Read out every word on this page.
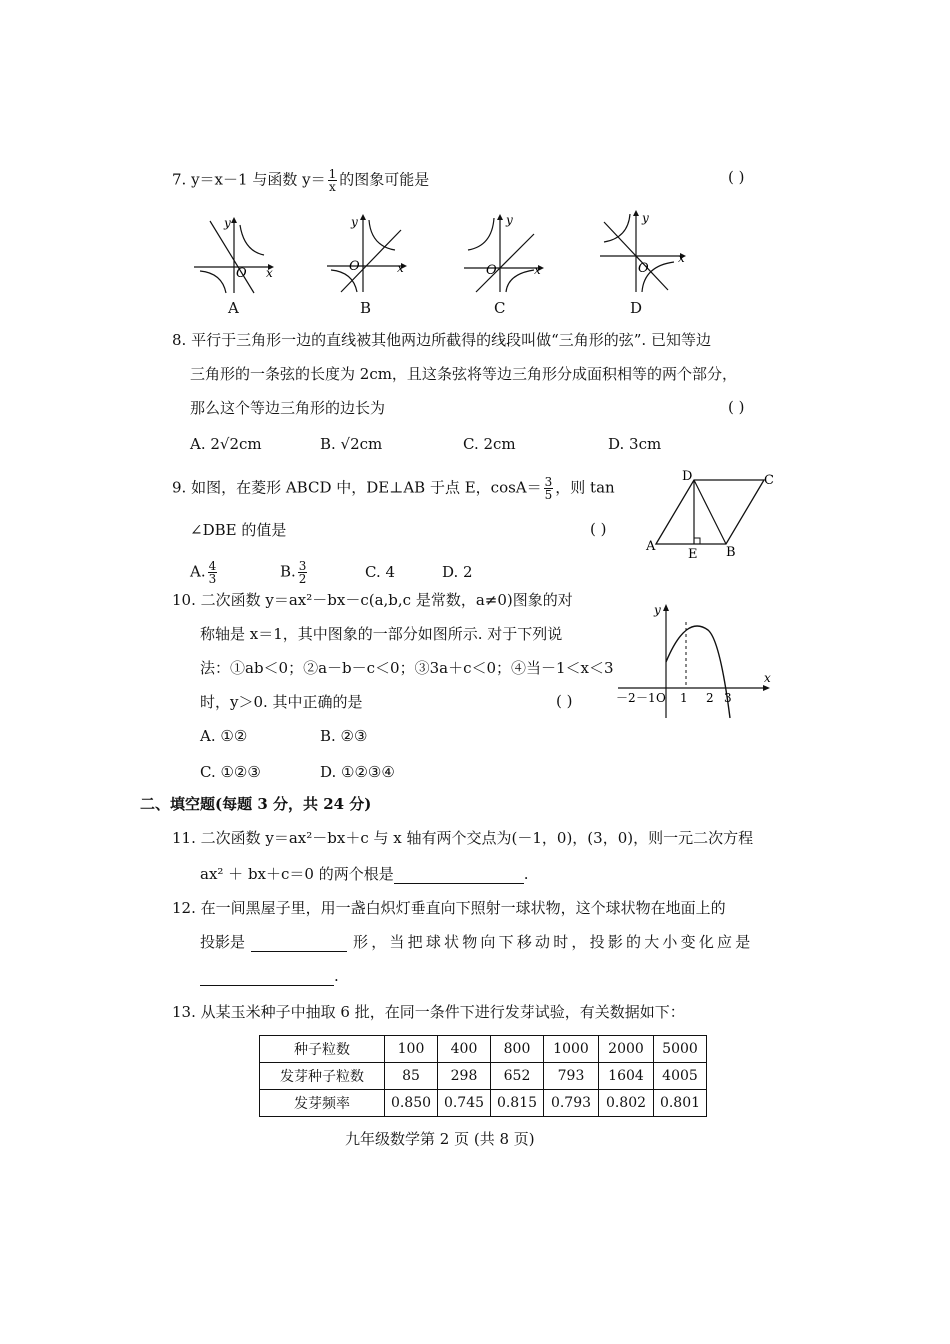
7. y＝x－1 与函数 $y= \frac{1}{x}$ 的图象可能是	( )
y
O x
A
y
O	x
B
y
O	x
C
y
O
x
D
8. 平行于三角形一边的直线被其他两边所截得的线段叫做“三角形的弦”. 已知等边
三角形的一条弦的长度为 2cm，且这条弦将等边三角形分成面积相等的两个部分，
那么这个等边三角形的边长为	( )
A. 2√2cm	B. √2cm	C. 2cm	D. 3cm
9. 如图，在菱形 ABCD 中，DE⊥AB 于点 E，$\cos A= \frac{3}{5}$ ，则 tan
∠DBE 的值是	( )
A. $\frac{4}{3}$	B. $\frac{3}{2}$	C. 4	D. 2
A
D	C
B
E
10. 二次函数 y＝ax²－bx－c(a,b,c 是常数，a≠0)图象的对
称轴是 x＝1，其中图象的一部分如图所示. 对于下列说
法：①ab＜0；②a－b－c＜0；③3a＋c＜0；④当－1＜x＜3
时，y＞0. 其中正确的是	( )
A. ①②	B. ②③
C. ①②③	D. ①②③④
y
x
－2 －1 O 1 2 3
二、填空题(每题 3 分，共 24 分)
11. 二次函数 y＝ax²－bx＋c 与 x 轴有两个交点为(－1，0)，(3，0)，则一元二次方程
ax² ＋ bx＋c＝0 的两个根是	.
12. 在一间黑屋子里，用一盏白炽灯垂直向下照射一球状物，这个球状物在地面上的
投影是	形，当把球状物向下移动时，投影的大小变化应是
.
13. 从某玉米种子中抽取 6 批，在同一条件下进行发芽试验，有关数据如下：
种子粒数	100	400	800	1000	2000	5000
发芽种子粒数	85	298	652	793	1604	4005
发芽频率	0.850	0.745	0.815	0.793	0.802	0.801
九年级数学第 2 页 (共 8 页)
